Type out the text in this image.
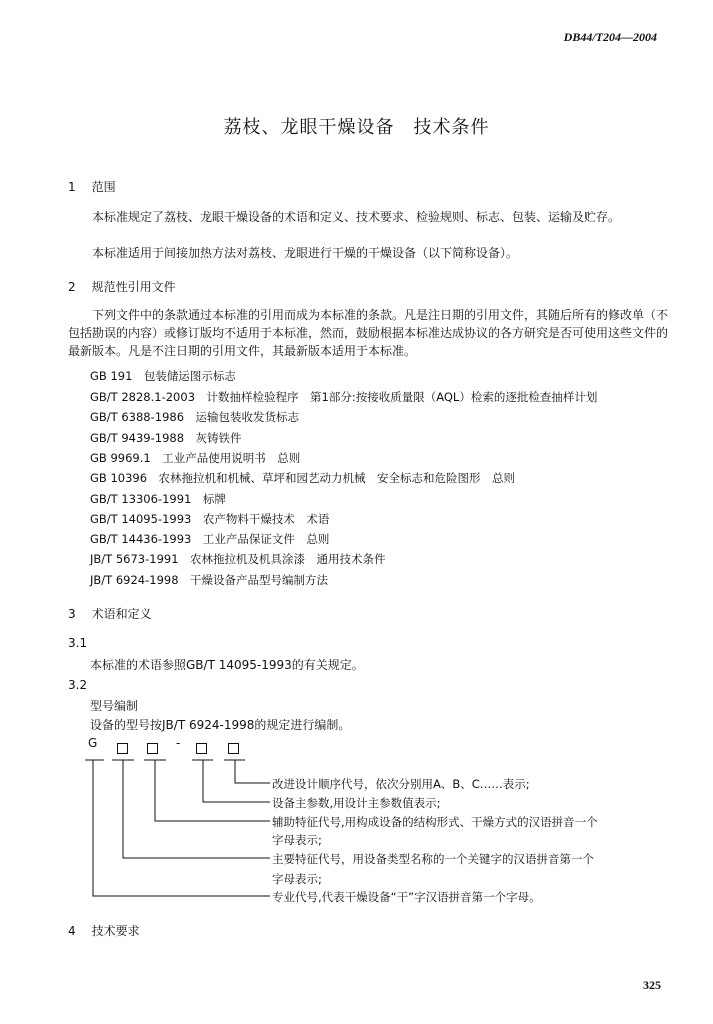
DB44/T204—2004
荔枝、龙眼干燥设备　技术条件
1 范围
本标准规定了荔枝、龙眼干燥设备的术语和定义、技术要求、检验规则、标志、包装、运输及贮存。
本标准适用于间接加热方法对荔枝、龙眼进行干燥的干燥设备（以下简称设备）。
2 规范性引用文件
下列文件中的条款通过本标准的引用而成为本标准的条款。凡是注日期的引用文件，其随后所有的修改单（不包括勘误的内容）或修订版均不适用于本标准，然而，鼓励根据本标准达成协议的各方研究是否可使用这些文件的最新版本。凡是不注日期的引用文件，其最新版本适用于本标准。
GB 191　包装储运图示标志
GB/T 2828.1-2003　计数抽样检验程序　第1部分:按接收质量限（AQL）检索的逐批检查抽样计划
GB/T 6388-1986　运输包装收发货标志
GB/T 9439-1988　灰铸铁件
GB 9969.1　工业产品使用说明书　总则
GB 10396　农林拖拉机和机械、草坪和园艺动力机械　安全标志和危险图形　总则
GB/T 13306-1991　标牌
GB/T 14095-1993　农产物料干燥技术　术语
GB/T 14436-1993　工业产品保证文件　总则
JB/T 5673-1991　农林拖拉机及机具涂漆　通用技术条件
JB/T 6924-1998　干燥设备产品型号编制方法
3 术语和定义
3.1
本标准的术语参照GB/T 14095-1993的有关规定。
3.2
型号编制
设备的型号按JB/T 6924-1998的规定进行编制。
G	-
改进设计顺序代号，依次分别用A、B、C……表示;
设备主参数,用设计主参数值表示;
辅助特征代号,用构成设备的结构形式、干燥方式的汉语拼音一个
字母表示;
主要特征代号，用设备类型名称的一个关键字的汉语拼音第一个
字母表示;
专业代号,代表干燥设备“干”字汉语拼音第一个字母。
4 技术要求
325
